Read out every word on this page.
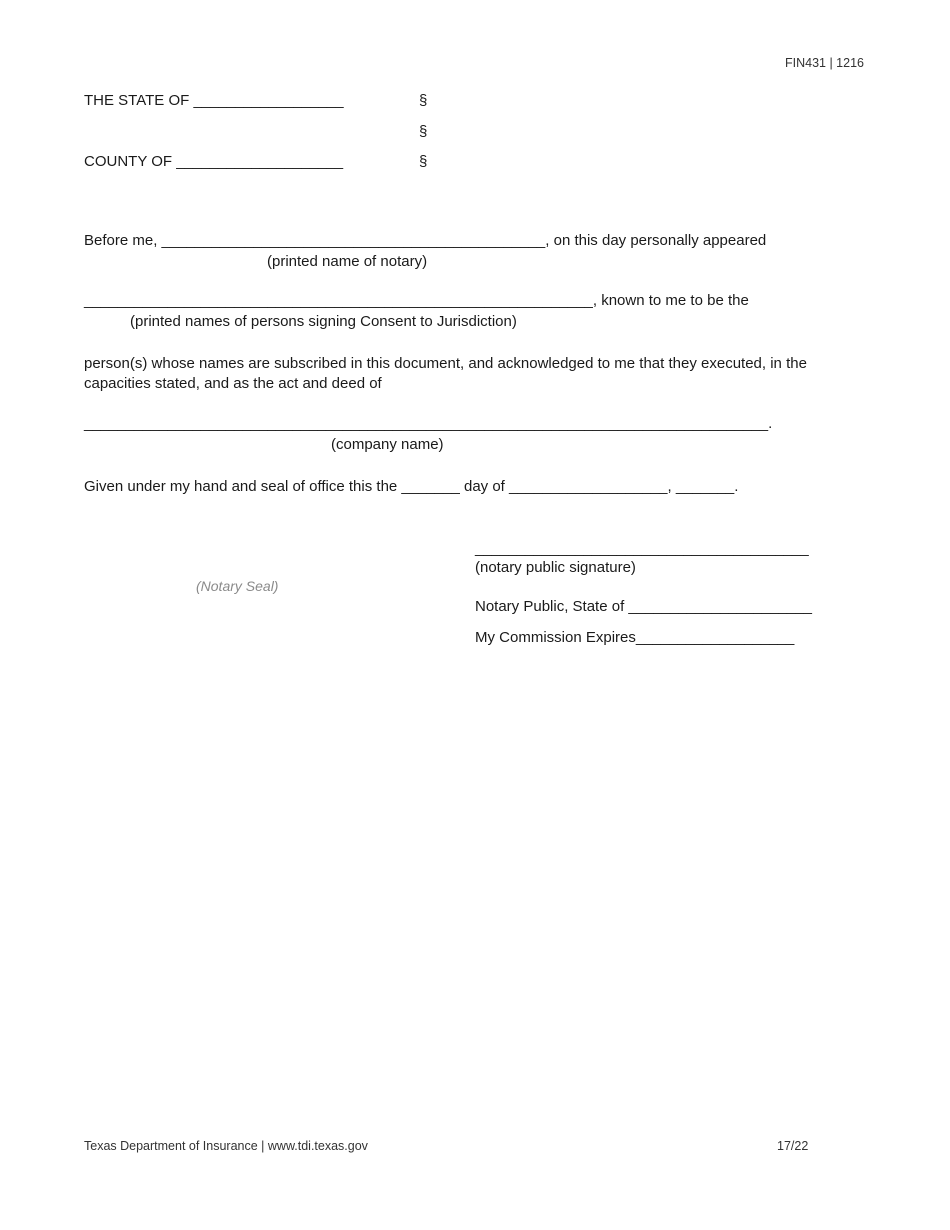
FIN431 | 1216
THE STATE OF __________________
COUNTY OF ____________________
§
§
§
Before me, ______________________________________________, on this day personally appeared
(printed name of notary)
_____________________________________________________________, known to me to be the
(printed names of persons signing Consent to Jurisdiction)
person(s) whose names are subscribed in this document, and acknowledged to me that they executed, in the capacities stated, and as the act and deed of
__________________________________________________________________________________.
(company name)
Given under my hand and seal of office this the _______ day of ___________________, _______.
(Notary Seal)
________________________________________
(notary public signature)
Notary Public, State of ______________________
My Commission Expires___________________
Texas Department of Insurance | www.tdi.texas.gov	17/22
